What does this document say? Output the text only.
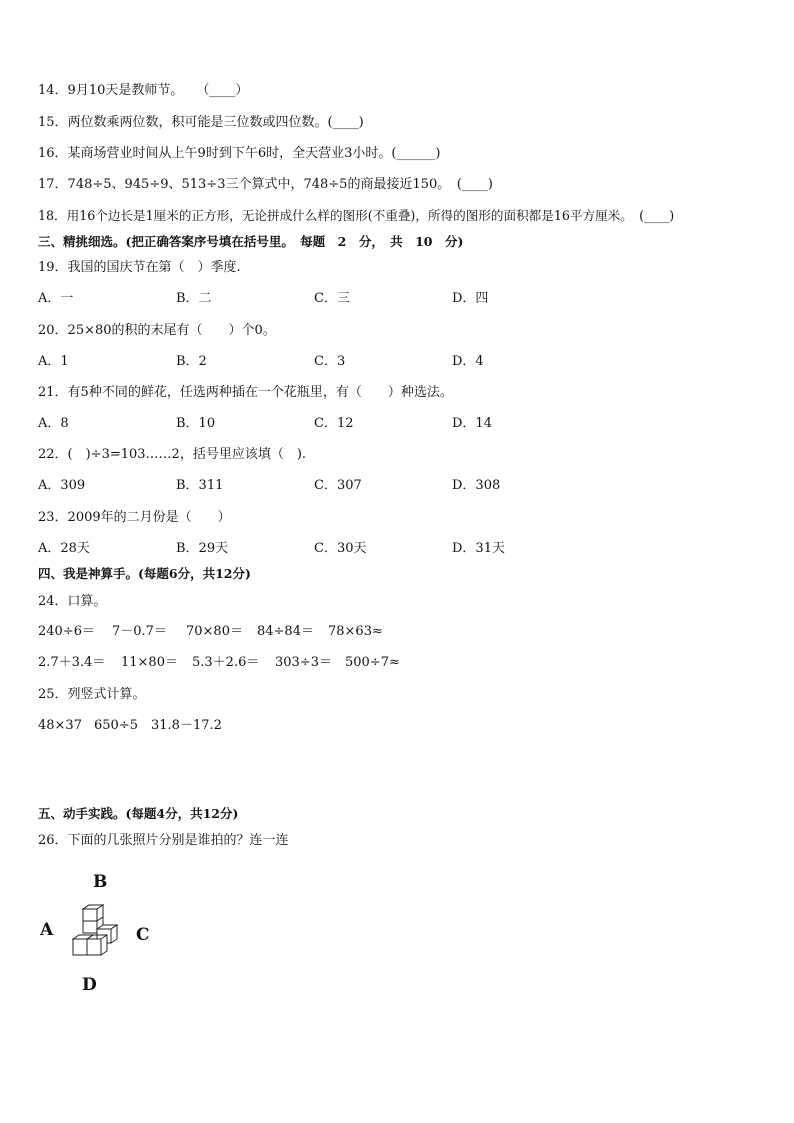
14．9月10天是教师节。　　（____）
15．两位数乘两位数，积可能是三位数或四位数。(____)
16．某商场营业时间从上午9时到下午6时，全天营业3小时。(______)
17．748÷5、945÷9、513÷3三个算式中，748÷5的商最接近150。　(____)
18．用16个边长是1厘米的正方形，无论拼成什么样的图形(不重叠)，所得的图形的面积都是16平方厘米。　(____)
三、精挑细选。(把正确答案序号填在括号里。　每题　2　分，　共　10　分)
19．我国的国庆节在第（　）季度.
A．一	B．二	C．三	D．四
20．25×80的积的末尾有（　　）个0。
A．1	B．2	C．3	D．4
21．有5种不同的鲜花，任选两种插在一个花瓶里，有（　　）种选法。
A．8	B．10	C．12	D．14
22．(　)÷3=103……2，括号里应该填（　).
A．309	B．311	C．307	D．308
23．2009年的二月份是（　　）
A．28天	B．29天	C．30天	D．31天
四、我是神算手。(每题6分，共12分)
24．口算。
240÷6＝ 7－0.7＝ 70×80＝ 84÷84＝ 78×63≈
2.7＋3.4＝ 11×80＝ 5.3＋2.6＝ 303÷3＝ 500÷7≈
25．列竖式计算。
48×37 650÷5 31.8－17.2
五、动手实践。(每题4分，共12分)
26．下面的几张照片分别是谁拍的？连一连
B
A	C
D
